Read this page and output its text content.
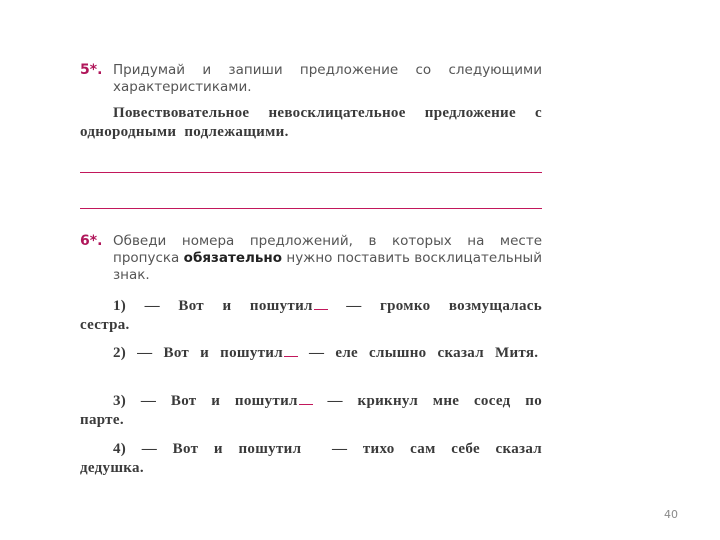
5*. Придумай и запиши предложение со следующими характеристиками.
Повествовательное невосклицательное предложение с однородными подлежащими.
6*. Обведи номера предложений, в которых на месте пропуска обязательно нужно поставить восклицательный знак.
1) — Вот и пошутил — громко возмущалась сестра.
2) — Вот и пошутил — еле слышно сказал Митя.
3) — Вот и пошутил — крикнул мне сосед по парте.
4) — Вот и пошутил — тихо сам себе сказал дедушка.
40
